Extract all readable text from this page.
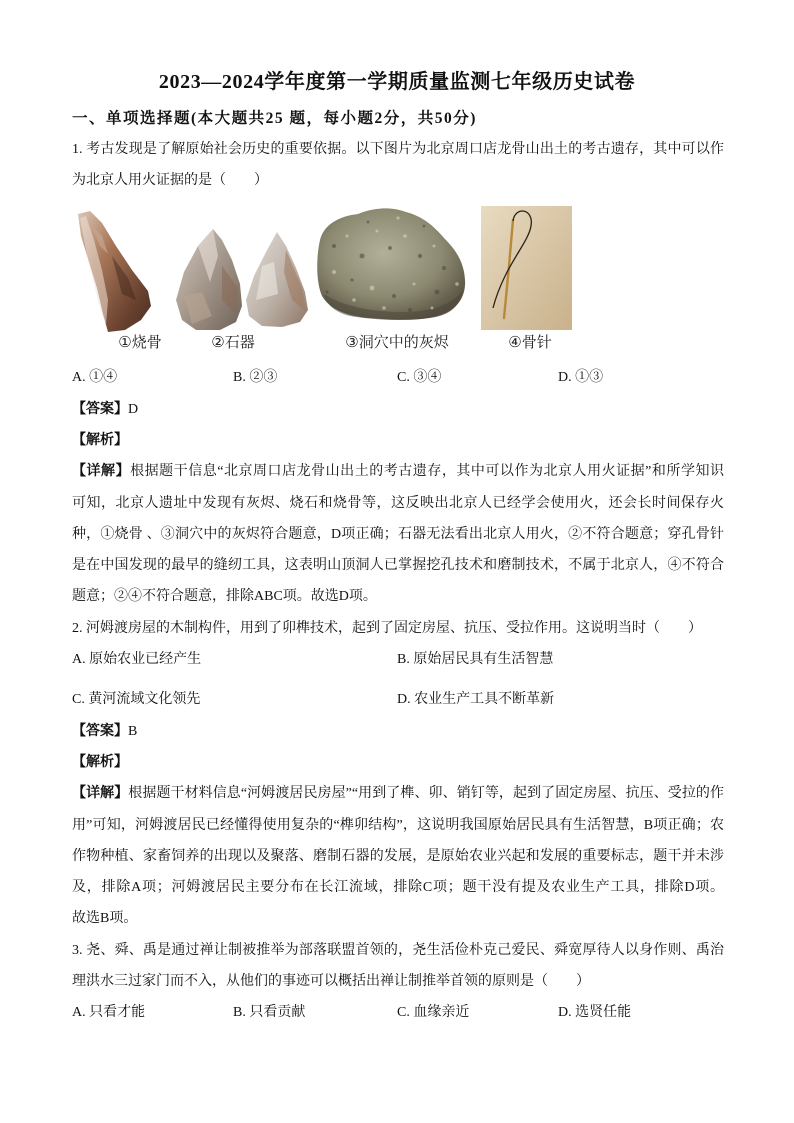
2023—2024学年度第一学期质量监测七年级历史试卷
一、单项选择题(本大题共25 题，每小题2分，共50分)
1. 考古发现是了解原始社会历史的重要依据。以下图片为北京周口店龙骨山出土的考古遗存，其中可以作
为北京人用火证据的是（　　）
①烧骨	②石器	③洞穴中的灰烬	④骨针
A. ①④	B. ②③	C. ③④	D. ①③
【答案】D
【解析】
【详解】根据题干信息“北京周口店龙骨山出土的考古遗存，其中可以作为北京人用火证据”和所学知识
可知，北京人遗址中发现有灰烬、烧石和烧骨等，这反映出北京人已经学会使用火，还会长时间保存火
种，①烧骨 、③洞穴中的灰烬符合题意，D项正确；石器无法看出北京人用火，②不符合题意；穿孔骨针
是在中国发现的最早的缝纫工具，这表明山顶洞人已掌握挖孔技术和磨制技术，不属于北京人，④不符合
题意；②④不符合题意，排除ABC项。故选D项。
2. 河姆渡房屋的木制构件，用到了卯榫技术，起到了固定房屋、抗压、受拉作用。这说明当时（　　）
A. 原始农业已经产生	B. 原始居民具有生活智慧
C. 黄河流域文化领先	D. 农业生产工具不断革新
【答案】B
【解析】
【详解】根据题干材料信息“河姆渡居民房屋”“用到了榫、卯、销钉等，起到了固定房屋、抗压、受拉的作
用”可知，河姆渡居民已经懂得使用复杂的“榫卯结构”，这说明我国原始居民具有生活智慧，B项正确；农
作物种植、家畜饲养的出现以及聚落、磨制石器的发展，是原始农业兴起和发展的重要标志，题干并未涉
及，排除A项；河姆渡居民主要分布在长江流域，排除C项；题干没有提及农业生产工具，排除D项。
故选B项。
3. 尧、舜、禹是通过禅让制被推举为部落联盟首领的，尧生活俭朴克己爱民、舜宽厚待人以身作则、禹治
理洪水三过家门而不入，从他们的事迹可以概括出禅让制推举首领的原则是（　　）
A. 只看才能	B. 只看贡献	C. 血缘亲近	D. 选贤任能
